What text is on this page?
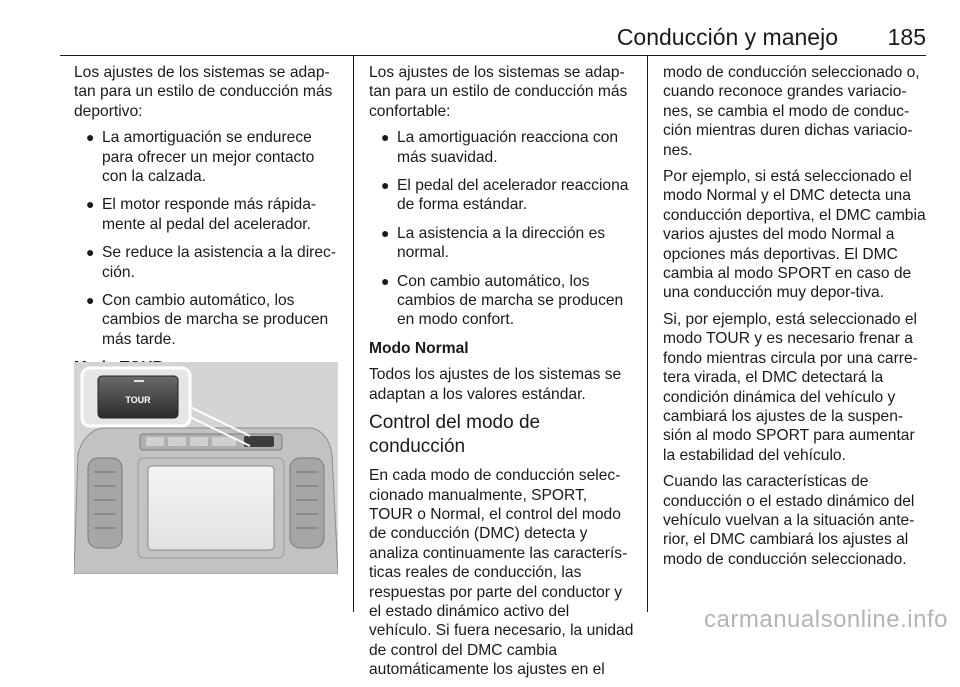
Conducción y manejo 185

Los ajustes de los sistemas se adap-tan para un estilo de conducción más deportivo:

● La amortiguación se endurece para ofrecer un mejor contacto con la calzada.
● El motor responde más rápida-mente al pedal del acelerador.
● Se reduce la asistencia a la direc-ción.
● Con cambio automático, los cambios de marcha se producen más tarde.

TOUR

Los ajustes de los sistemas se adap-tan para un estilo de conducción más confortable:

● La amortiguación reacciona con más suavidad.
● El pedal del acelerador reacciona de forma estándar.
● La asistencia a la dirección es normal.
● Con cambio automático, los cambios de marcha se producen en modo confort.

Modo Normal

Todos los ajustes de los sistemas se adaptan a los valores estándar.

Control del modo de conducción

En cada modo de conducción selec-cionado manualmente, SPORT, TOUR o Normal, el control del modo de conducción (DMC) detecta y analiza continuamente las caracterís-ticas reales de conducción, las respuestas por parte del conductor y el estado dinámico activo del vehículo. Si fuera necesario, la unidad de control del DMC cambia automáticamente los ajustes en el

modo de conducción seleccionado o, cuando reconoce grandes variacio-nes, se cambia el modo de conduc-ción mientras duren dichas variacio-nes.

Por ejemplo, si está seleccionado el modo Normal y el DMC detecta una conducción deportiva, el DMC cambia varios ajustes del modo Normal a opciones más deportivas. El DMC cambia al modo SPORT en caso de una conducción muy depor-tiva.

Si, por ejemplo, está seleccionado el modo TOUR y es necesario frenar a fondo mientras circula por una carre-tera virada, el DMC detectará la condición dinámica del vehículo y cambiará los ajustes de la suspen-sión al modo SPORT para aumentar la estabilidad del vehículo.

Cuando las características de conducción o el estado dinámico del vehículo vuelvan a la situación ante-rior, el DMC cambiará los ajustes al modo de conducción seleccionado.

carmanualsonline.info
